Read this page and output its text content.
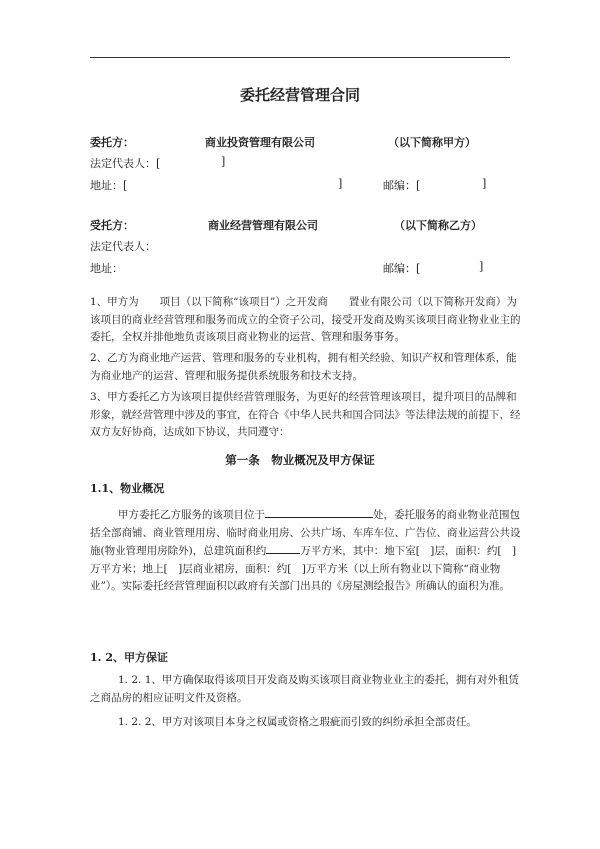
委托经营管理合同
委托方：	商业投资管理有限公司	（以下简称甲方）
法定代表人：[	]
地址：[	]	邮编：[	]
受托方：	商业经营管理有限公司	（以下简称乙方）
法定代表人：
地址：	邮编：[	]
1、甲方为　　项目（以下简称“该项目”）之开发商　　置业有限公司（以下简称开发商）为该项目的商业经营管理和服务而成立的全资子公司，接受开发商及购买该项目商业物业业主的委托，全权并排他地负责该项目商业物业的运营、管理和服务事务。
2、乙方为商业地产运营、管理和服务的专业机构，拥有相关经验、知识产权和管理体系，能为商业地产的运营、管理和服务提供系统服务和技术支持。
3、甲方委托乙方为该项目提供经营管理服务，为更好的经营管理该项目，提升项目的品牌和形象，就经营管理中涉及的事宜，在符合《中华人民共和国合同法》等法律法规的前提下，经双方友好协商，达成如下协议，共同遵守：
第一条　物业概况及甲方保证
1.1、物业概况
甲方委托乙方服务的该项目位于	处，委托服务的商业物业范围包括全部商铺、商业管理用房、临时商业用房、公共广场、车库车位、广告位、商业运营公共设施(物业管理用房除外)，总建筑面积约	万平方米，其中：地下室[　]层，面积：约[　]万平方米；地上[　]层商业裙房，面积：约[　]万平方米（以上所有物业以下简称“商业物业”）。实际委托经营管理面积以政府有关部门出具的《房屋测绘报告》所确认的面积为准。
1. 2、甲方保证
1. 2. 1、甲方确保取得该项目开发商及购买该项目商业物业业主的委托，拥有对外租赁之商品房的相应证明文件及资格。
1. 2. 2、甲方对该项目本身之权属或资格之瑕疵而引致的纠纷承担全部责任。
